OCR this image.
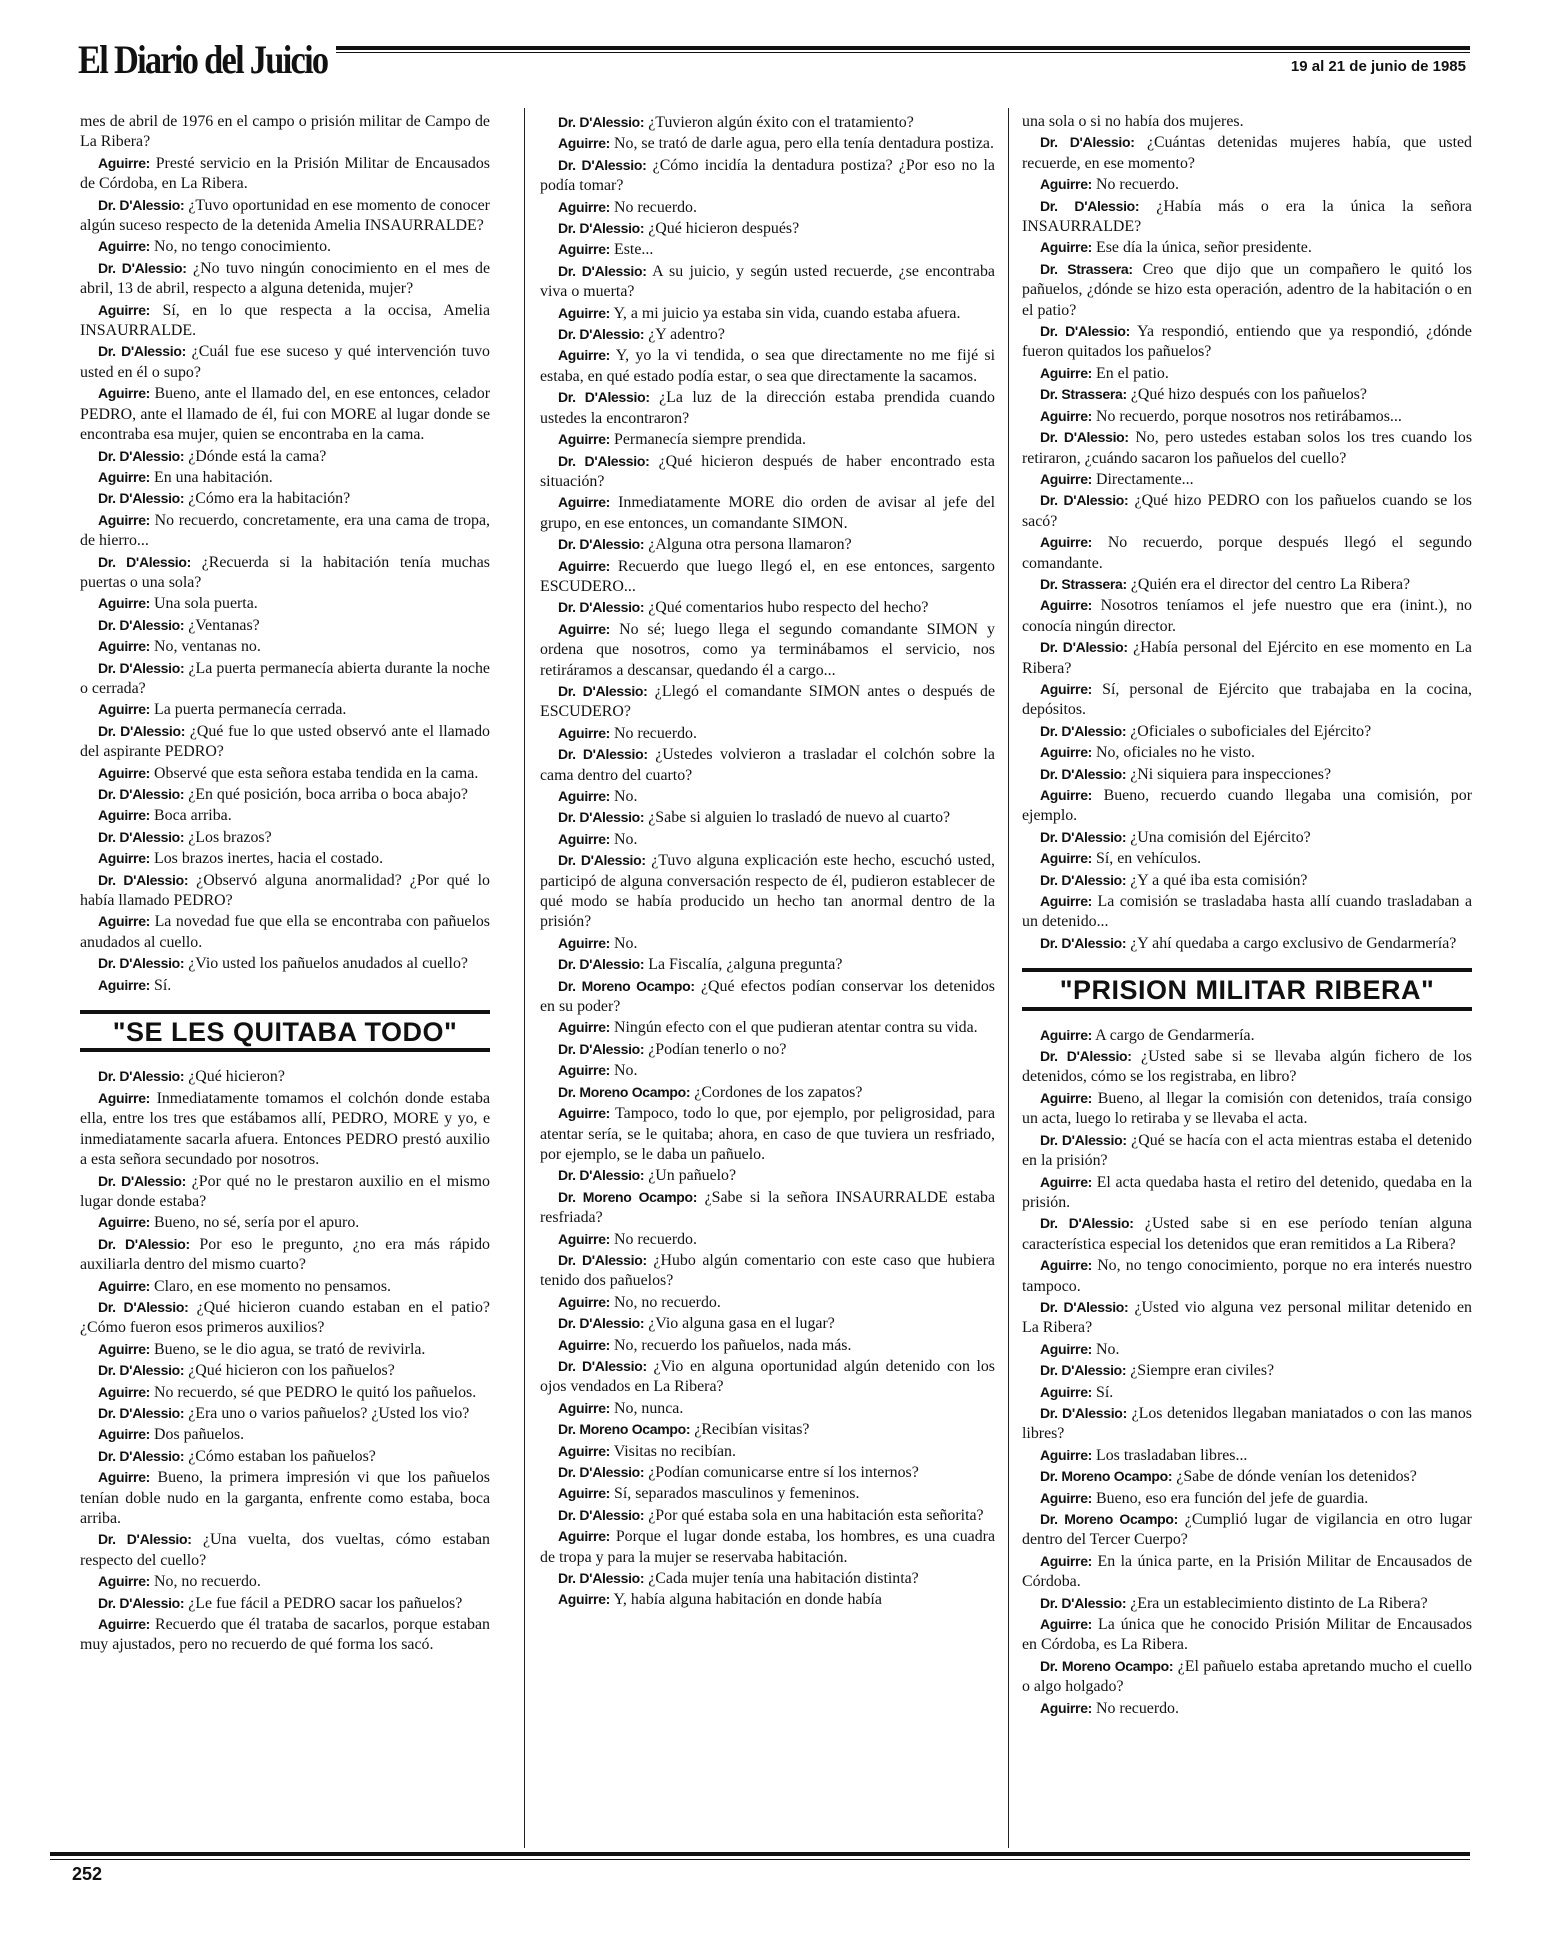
El Diario del Juicio	19 al 21 de junio de 1985

mes de abril de 1976 en el campo o prisión militar de Campo de La Ribera?

Aguirre: Presté servicio en la Prisión Militar de Encausados de Córdoba, en La Ribera.

Dr. D'Alessio: ¿Tuvo oportunidad en ese momento de conocer algún suceso respecto de la detenida Amelia INSAURRALDE?

Aguirre: No, no tengo conocimiento.

Dr. D'Alessio: ¿No tuvo ningún conocimiento en el mes de abril, 13 de abril, respecto a alguna detenida, mujer?

Aguirre: Sí, en lo que respecta a la occisa, Amelia INSAURRALDE.

Dr. D'Alessio: ¿Cuál fue ese suceso y qué intervención tuvo usted en él o supo?

Aguirre: Bueno, ante el llamado del, en ese entonces, celador PEDRO, ante el llamado de él, fui con MORE al lugar donde se encontraba esa mujer, quien se encontraba en la cama.

Dr. D'Alessio: ¿Dónde está la cama?

Aguirre: En una habitación.

Dr. D'Alessio: ¿Cómo era la habitación?

Aguirre: No recuerdo, concretamente, era una cama de tropa, de hierro...

Dr. D'Alessio: ¿Recuerda si la habitación tenía muchas puertas o una sola?

Aguirre: Una sola puerta.

Dr. D'Alessio: ¿Ventanas?

Aguirre: No, ventanas no.

Dr. D'Alessio: ¿La puerta permanecía abierta durante la noche o cerrada?

Aguirre: La puerta permanecía cerrada.

Dr. D'Alessio: ¿Qué fue lo que usted observó ante el llamado del aspirante PEDRO?

Aguirre: Observé que esta señora estaba tendida en la cama.

Dr. D'Alessio: ¿En qué posición, boca arriba o boca abajo?

Aguirre: Boca arriba.

Dr. D'Alessio: ¿Los brazos?

Aguirre: Los brazos inertes, hacia el costado.

Dr. D'Alessio: ¿Observó alguna anormalidad? ¿Por qué lo había llamado PEDRO?

Aguirre: La novedad fue que ella se encontraba con pañuelos anudados al cuello.

Dr. D'Alessio: ¿Vio usted los pañuelos anudados al cuello?

Aguirre: Sí.

"SE LES QUITABA TODO"

Dr. D'Alessio: ¿Qué hicieron?

Aguirre: Inmediatamente tomamos el colchón donde estaba ella, entre los tres que estábamos allí, PEDRO, MORE y yo, e inmediatamente sacarla afuera. Entonces PEDRO prestó auxilio a esta señora secundado por nosotros.

Dr. D'Alessio: ¿Por qué no le prestaron auxilio en el mismo lugar donde estaba?

Aguirre: Bueno, no sé, sería por el apuro.

Dr. D'Alessio: Por eso le pregunto, ¿no era más rápido auxiliarla dentro del mismo cuarto?

Aguirre: Claro, en ese momento no pensamos.

Dr. D'Alessio: ¿Qué hicieron cuando estaban en el patio? ¿Cómo fueron esos primeros auxilios?

Aguirre: Bueno, se le dio agua, se trató de revivirla.

Dr. D'Alessio: ¿Qué hicieron con los pañuelos?

Aguirre: No recuerdo, sé que PEDRO le quitó los pañuelos.

Dr. D'Alessio: ¿Era uno o varios pañuelos? ¿Usted los vio?

Aguirre: Dos pañuelos.

Dr. D'Alessio: ¿Cómo estaban los pañuelos?

Aguirre: Bueno, la primera impresión vi que los pañuelos tenían doble nudo en la garganta, enfrente como estaba, boca arriba.

Dr. D'Alessio: ¿Una vuelta, dos vueltas, cómo estaban respecto del cuello?

Aguirre: No, no recuerdo.

Dr. D'Alessio: ¿Le fue fácil a PEDRO sacar los pañuelos?

Aguirre: Recuerdo que él trataba de sacarlos, porque estaban muy ajustados, pero no recuerdo de qué forma los sacó.

Dr. D'Alessio: ¿Tuvieron algún éxito con el tratamiento?

Aguirre: No, se trató de darle agua, pero ella tenía dentadura postiza.

Dr. D'Alessio: ¿Cómo incidía la dentadura postiza? ¿Por eso no la podía tomar?

Aguirre: No recuerdo.

Dr. D'Alessio: ¿Qué hicieron después?

Aguirre: Este...

Dr. D'Alessio: A su juicio, y según usted recuerde, ¿se encontraba viva o muerta?

Aguirre: Y, a mi juicio ya estaba sin vida, cuando estaba afuera.

Dr. D'Alessio: ¿Y adentro?

Aguirre: Y, yo la vi tendida, o sea que directamente no me fijé si estaba, en qué estado podía estar, o sea que directamente la sacamos.

Dr. D'Alessio: ¿La luz de la dirección estaba prendida cuando ustedes la encontraron?

Aguirre: Permanecía siempre prendida.

Dr. D'Alessio: ¿Qué hicieron después de haber encontrado esta situación?

Aguirre: Inmediatamente MORE dio orden de avisar al jefe del grupo, en ese entonces, un comandante SIMON.

Dr. D'Alessio: ¿Alguna otra persona llamaron?

Aguirre: Recuerdo que luego llegó el, en ese entonces, sargento ESCUDERO...

Dr. D'Alessio: ¿Qué comentarios hubo respecto del hecho?

Aguirre: No sé; luego llega el segundo comandante SIMON y ordena que nosotros, como ya terminábamos el servicio, nos retiráramos a descansar, quedando él a cargo...

Dr. D'Alessio: ¿Llegó el comandante SIMON antes o después de ESCUDERO?

Aguirre: No recuerdo.

Dr. D'Alessio: ¿Ustedes volvieron a trasladar el colchón sobre la cama dentro del cuarto?

Aguirre: No.

Dr. D'Alessio: ¿Sabe si alguien lo trasladó de nuevo al cuarto?

Aguirre: No.

Dr. D'Alessio: ¿Tuvo alguna explicación este hecho, escuchó usted, participó de alguna conversación respecto de él, pudieron establecer de qué modo se había producido un hecho tan anormal dentro de la prisión?

Aguirre: No.

Dr. D'Alessio: La Fiscalía, ¿alguna pregunta?

Dr. Moreno Ocampo: ¿Qué efectos podían conservar los detenidos en su poder?

Aguirre: Ningún efecto con el que pudieran atentar contra su vida.

Dr. D'Alessio: ¿Podían tenerlo o no?

Aguirre: No.

Dr. Moreno Ocampo: ¿Cordones de los zapatos?

Aguirre: Tampoco, todo lo que, por ejemplo, por peligrosidad, para atentar sería, se le quitaba; ahora, en caso de que tuviera un resfriado, por ejemplo, se le daba un pañuelo.

Dr. D'Alessio: ¿Un pañuelo?

Dr. Moreno Ocampo: ¿Sabe si la señora INSAURRALDE estaba resfriada?

Aguirre: No recuerdo.

Dr. D'Alessio: ¿Hubo algún comentario con este caso que hubiera tenido dos pañuelos?

Aguirre: No, no recuerdo.

Dr. D'Alessio: ¿Vio alguna gasa en el lugar?

Aguirre: No, recuerdo los pañuelos, nada más.

Dr. D'Alessio: ¿Vio en alguna oportunidad algún detenido con los ojos vendados en La Ribera?

Aguirre: No, nunca.

Dr. Moreno Ocampo: ¿Recibían visitas?

Aguirre: Visitas no recibían.

Dr. D'Alessio: ¿Podían comunicarse entre sí los internos?

Aguirre: Sí, separados masculinos y femeninos.

Dr. D'Alessio: ¿Por qué estaba sola en una habitación esta señorita?

Aguirre: Porque el lugar donde estaba, los hombres, es una cuadra de tropa y para la mujer se reservaba habitación.

Dr. D'Alessio: ¿Cada mujer tenía una habitación distinta?

Aguirre: Y, había alguna habitación en donde había

una sola o si no había dos mujeres.

Dr. D'Alessio: ¿Cuántas detenidas mujeres había, que usted recuerde, en ese momento?

Aguirre: No recuerdo.

Dr. D'Alessio: ¿Había más o era la única la señora INSAURRALDE?

Aguirre: Ese día la única, señor presidente.

Dr. Strassera: Creo que dijo que un compañero le quitó los pañuelos, ¿dónde se hizo esta operación, adentro de la habitación o en el patio?

Dr. D'Alessio: Ya respondió, entiendo que ya respondió, ¿dónde fueron quitados los pañuelos?

Aguirre: En el patio.

Dr. Strassera: ¿Qué hizo después con los pañuelos?

Aguirre: No recuerdo, porque nosotros nos retirábamos...

Dr. D'Alessio: No, pero ustedes estaban solos los tres cuando los retiraron, ¿cuándo sacaron los pañuelos del cuello?

Aguirre: Directamente...

Dr. D'Alessio: ¿Qué hizo PEDRO con los pañuelos cuando se los sacó?

Aguirre: No recuerdo, porque después llegó el segundo comandante.

Dr. Strassera: ¿Quién era el director del centro La Ribera?

Aguirre: Nosotros teníamos el jefe nuestro que era (inint.), no conocía ningún director.

Dr. D'Alessio: ¿Había personal del Ejército en ese momento en La Ribera?

Aguirre: Sí, personal de Ejército que trabajaba en la cocina, depósitos.

Dr. D'Alessio: ¿Oficiales o suboficiales del Ejército?

Aguirre: No, oficiales no he visto.

Dr. D'Alessio: ¿Ni siquiera para inspecciones?

Aguirre: Bueno, recuerdo cuando llegaba una comisión, por ejemplo.

Dr. D'Alessio: ¿Una comisión del Ejército?

Aguirre: Sí, en vehículos.

Dr. D'Alessio: ¿Y a qué iba esta comisión?

Aguirre: La comisión se trasladaba hasta allí cuando trasladaban a un detenido...

Dr. D'Alessio: ¿Y ahí quedaba a cargo exclusivo de Gendarmería?

"PRISION MILITAR RIBERA"

Aguirre: A cargo de Gendarmería.

Dr. D'Alessio: ¿Usted sabe si se llevaba algún fichero de los detenidos, cómo se los registraba, en libro?

Aguirre: Bueno, al llegar la comisión con detenidos, traía consigo un acta, luego lo retiraba y se llevaba el acta.

Dr. D'Alessio: ¿Qué se hacía con el acta mientras estaba el detenido en la prisión?

Aguirre: El acta quedaba hasta el retiro del detenido, quedaba en la prisión.

Dr. D'Alessio: ¿Usted sabe si en ese período tenían alguna característica especial los detenidos que eran remitidos a La Ribera?

Aguirre: No, no tengo conocimiento, porque no era interés nuestro tampoco.

Dr. D'Alessio: ¿Usted vio alguna vez personal militar detenido en La Ribera?

Aguirre: No.

Dr. D'Alessio: ¿Siempre eran civiles?

Aguirre: Sí.

Dr. D'Alessio: ¿Los detenidos llegaban maniatados o con las manos libres?

Aguirre: Los trasladaban libres...

Dr. Moreno Ocampo: ¿Sabe de dónde venían los detenidos?

Aguirre: Bueno, eso era función del jefe de guardia.

Dr. Moreno Ocampo: ¿Cumplió lugar de vigilancia en otro lugar dentro del Tercer Cuerpo?

Aguirre: En la única parte, en la Prisión Militar de Encausados de Córdoba.

Dr. D'Alessio: ¿Era un establecimiento distinto de La Ribera?

Aguirre: La única que he conocido Prisión Militar de Encausados en Córdoba, es La Ribera.

Dr. Moreno Ocampo: ¿El pañuelo estaba apretando mucho el cuello o algo holgado?

Aguirre: No recuerdo.

252
